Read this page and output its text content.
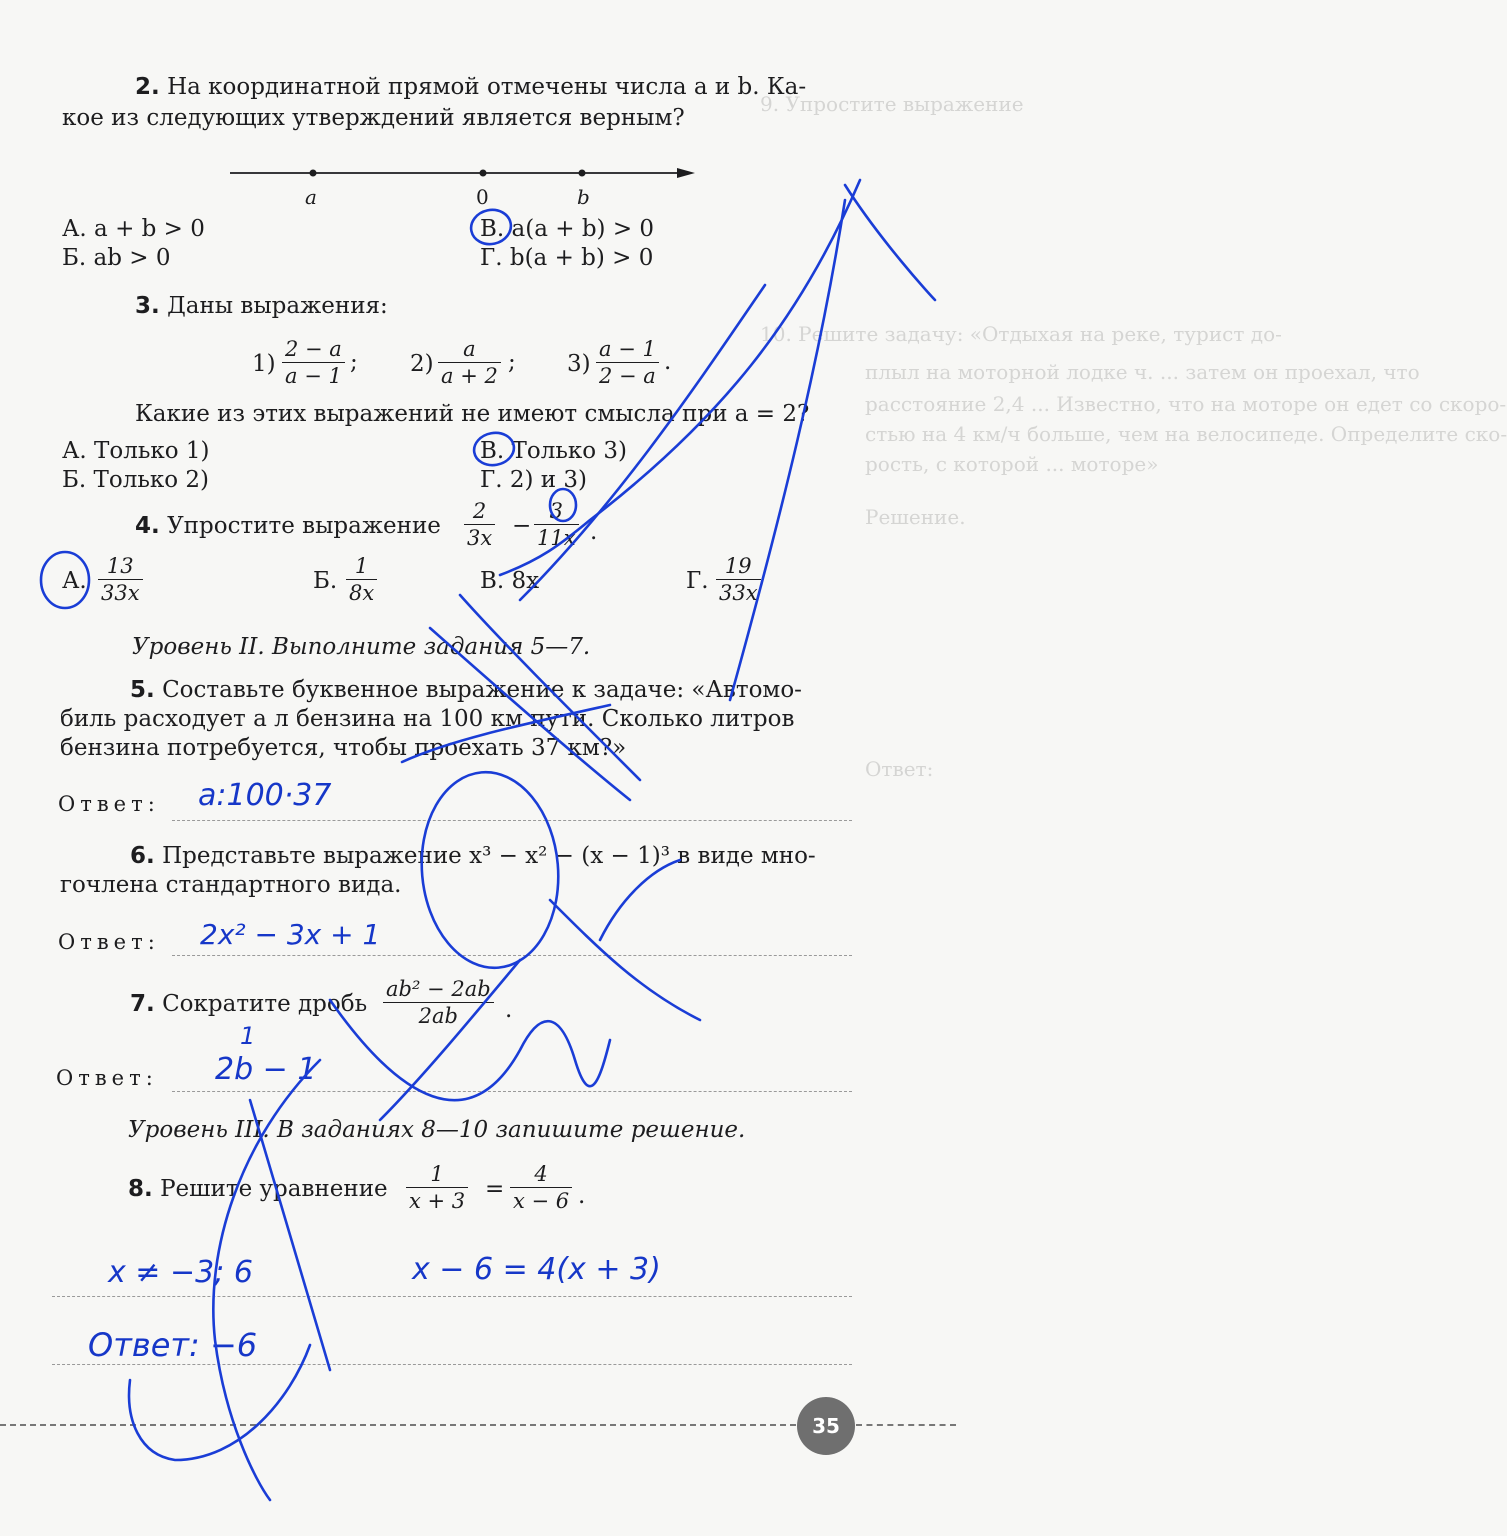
9. Упростите выражение
10. Решите задачу: «Отдыхая на реке, турист до-
плыл на моторной лодке ч. ... затем он проехал, что
расстояние 2,4 ... Известно, что на моторе он едет со скоро-
стью на 4 км/ч больше, чем на велосипеде. Определите ско-
рость, с которой ... моторе»
Решение.
Ответ:
2. На координатной прямой отмечены числа a и b. Ка-
кое из следующих утверждений является верным?
a	0	b
А. a + b > 0
Б. ab > 0
В. a(a + b) > 0
Г. b(a + b) > 0
3. Даны выражения:
$1) \frac{2 - a}{a - 1}$ ; $2) \frac{a}{a + 2}$ ; $3) \frac{a - 1}{2 - a}$ .
Какие из этих выражений не имеют смысла при a = 2?
А. Только 1)
Б. Только 2)
В. Только 3)
Г. 2) и 3)
4. Упростите выражение $\frac{2}{3x} - \frac{3}{11x}$ .
А. $\frac{13}{33x}$	Б. $\frac{1}{8x}$	В. 8x	Г. $\frac{19}{33x}$
Уровень II. Выполните задания 5—7.
5. Составьте буквенное выражение к задаче: «Автомо-
биль расходует a л бензина на 100 км пути. Сколько литров
бензина потребуется, чтобы проехать 37 км?»
Ответ: a:100·37
6. Представьте выражение x³ − x² − (x − 1)³ в виде мно-
гочлена стандартного вида.
Ответ: 2x² − 3x + 1
7. Сократите дробь $\frac{\text{ab² − 2ab}}{2ab}$ .
Ответ:
1
2b − 1
Уровень III. В заданиях 8—10 запишите решение.
8. Решите уравнение $\frac{1}{x + 3} = \frac{4}{x - 6}$ .
x ≠ −3; 6	x − 6 = 4(x + 3)
Ответ: −6
35
